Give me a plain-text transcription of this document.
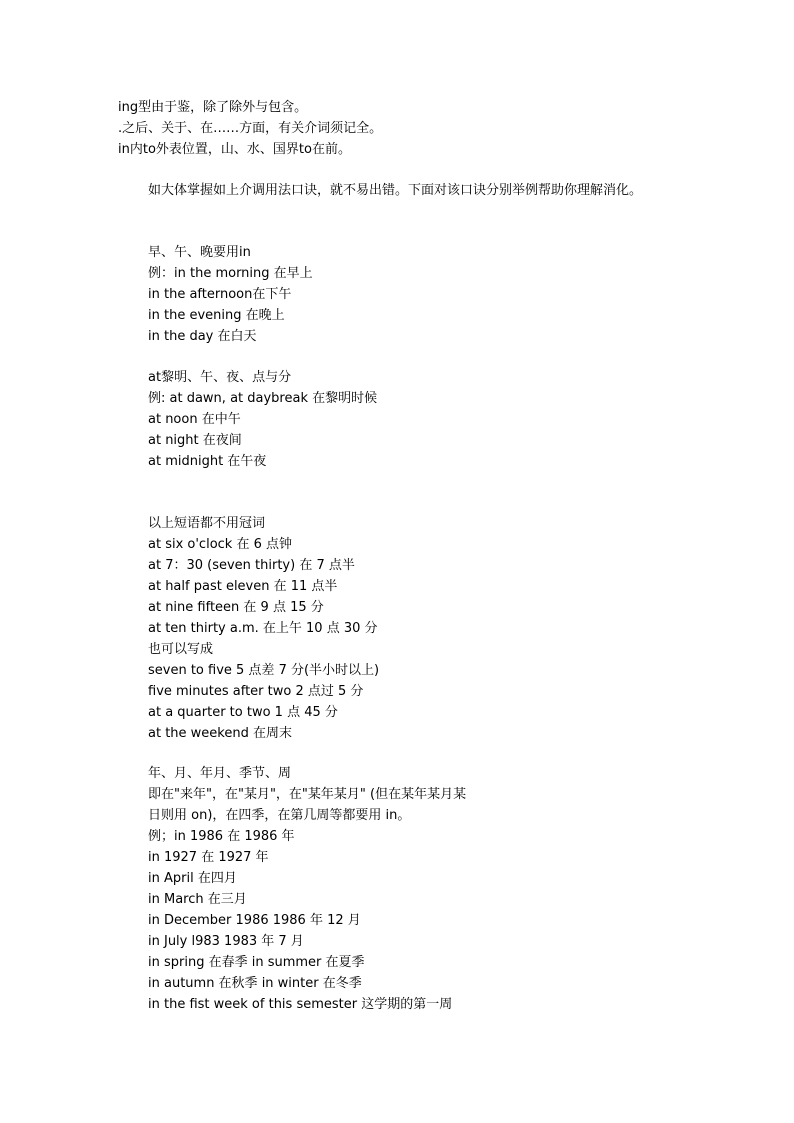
ing型由于鉴，除了除外与包含。
.之后、关于、在……方面，有关介词须记全。
in内to外表位置，山、水、国界to在前。
如大体掌握如上介调用法口诀，就不易出错。下面对该口诀分别举例帮助你理解消化。
早、午、晚要用in
例：in the morning 在早上
in the afternoon在下午
in the evening 在晚上
in the day 在白天
at黎明、午、夜、点与分
例: at dawn, at daybreak 在黎明时候
at noon 在中午
at night 在夜间
at midnight 在午夜
以上短语都不用冠词
at six o'clock 在 6 点钟
at 7：30 (seven thirty) 在 7 点半
at half past eleven 在 11 点半
at nine fifteen 在 9 点 15 分
at ten thirty a.m. 在上午 10 点 30 分
也可以写成
seven to five 5 点差 7 分(半小时以上)
five minutes after two 2 点过 5 分
at a quarter to two 1 点 45 分
at the weekend 在周末
年、月、年月、季节、周
即在"来年"，在"某月"，在"某年某月" (但在某年某月某
日则用 on)，在四季，在第几周等都要用 in。
例；in 1986 在 1986 年
in 1927 在 1927 年
in April 在四月
in March 在三月
in December 1986 1986 年 12 月
in July l983 1983 年 7 月
in spring 在春季 in summer 在夏季
in autumn 在秋季 in winter 在冬季
in the fist week of this semester 这学期的第一周
